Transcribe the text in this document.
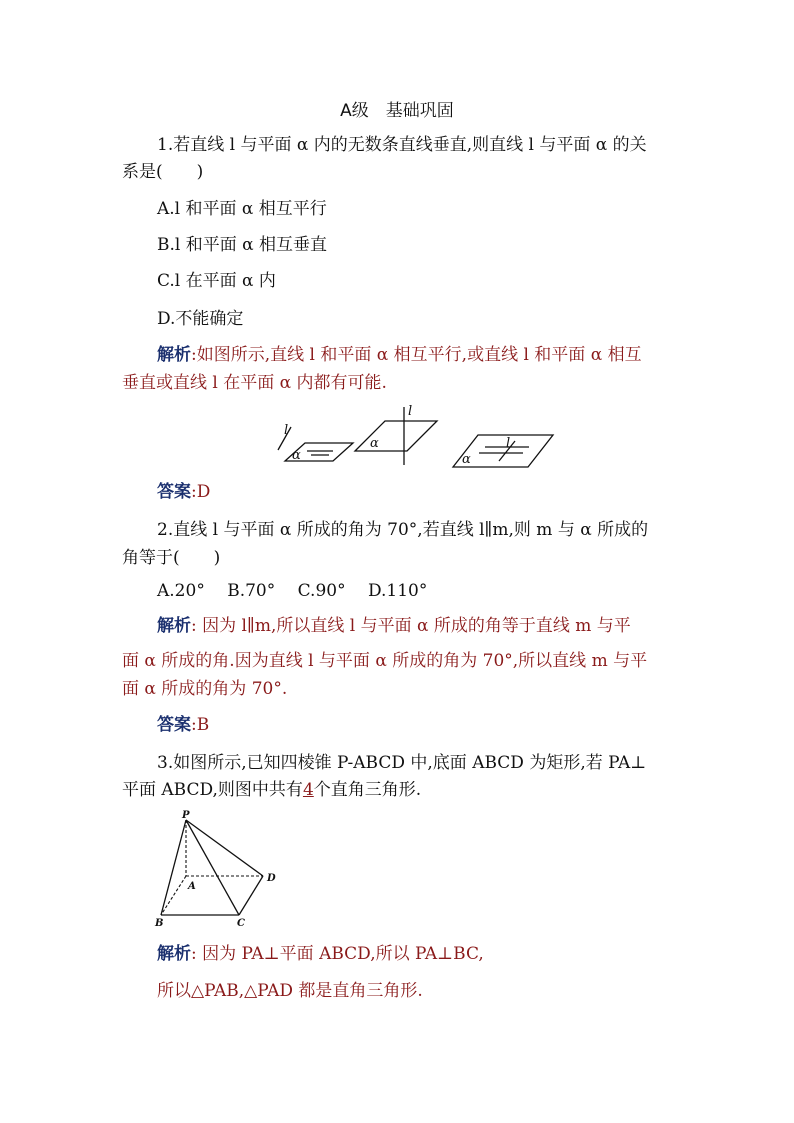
A级　基础巩固
1.若直线 l 与平面 α 内的无数条直线垂直,则直线 l 与平面 α 的关
系是(　　)
A.l 和平面 α 相互平行
B.l 和平面 α 相互垂直
C.l 在平面 α 内
D.不能确定
解析:如图所示,直线 l 和平面 α 相互平行,或直线 l 和平面 α 相互
垂直或直线 l 在平面 α 内都有可能.
l
α
l
α	l
α
答案:D
2.直线 l 与平面 α 所成的角为 70°,若直线 l∥m,则 m 与 α 所成的
角等于(　　)
A.20°　 B.70°　 C.90°　 D.110°
解析: 因为 l∥m,所以直线 l 与平面 α 所成的角等于直线 m 与平
面 α 所成的角.因为直线 l 与平面 α 所成的角为 70°,所以直线 m 与平
面 α 所成的角为 70°.
答案:B
3.如图所示,已知四棱锥 P-ABCD 中,底面 ABCD 为矩形,若 PA⊥
平面 ABCD,则图中共有4个直角三角形.
P
A
B	C
D
解析: 因为 PA⊥平面 ABCD,所以 PA⊥BC,
所以△PAB,△PAD 都是直角三角形.
